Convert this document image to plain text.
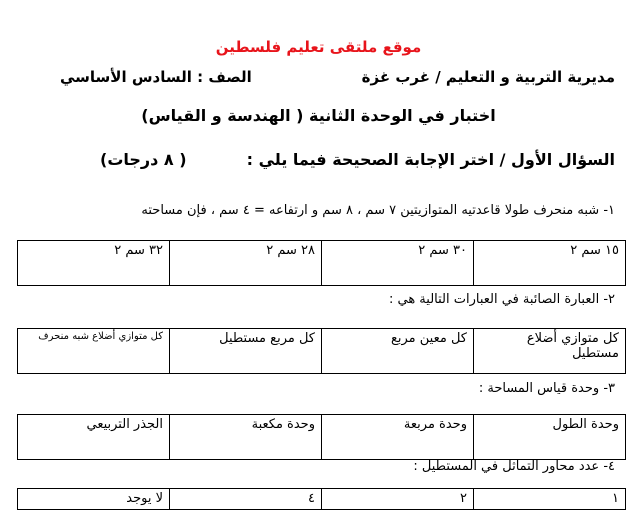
موقع ملتقى تعليم فلسطين
مديرية التربية و التعليم / غرب غزة
الصف : السادس الأساسي
اختبار في الوحدة الثانية ( الهندسة و القياس)
السؤال الأول / اختر الإجابة الصحيحة فيما يلي :
( ٨ درجات)
١- شبه منحرف طولا قاعدتيه المتوازيتين ٧ سم ، ٨ سم و ارتفاعه = ٤ سم ، فإن مساحته
١٥ سم ٢	٣٠ سم ٢	٢٨ سم ٢	٣٢ سم ٢
٢- العبارة الصائبة في العبارات التالية هي :
كل متوازي أضلاع مستطيل	كل معين مربع	كل مربع مستطيل	كل متوازي أضلاع شبه منحرف
٣- وحدة قياس المساحة :
وحدة الطول	وحدة مربعة	وحدة مكعبة	الجذر التربيعي
٤- عدد محاور التماثل في المستطيل :
١	٢	٤	لا يوجد
